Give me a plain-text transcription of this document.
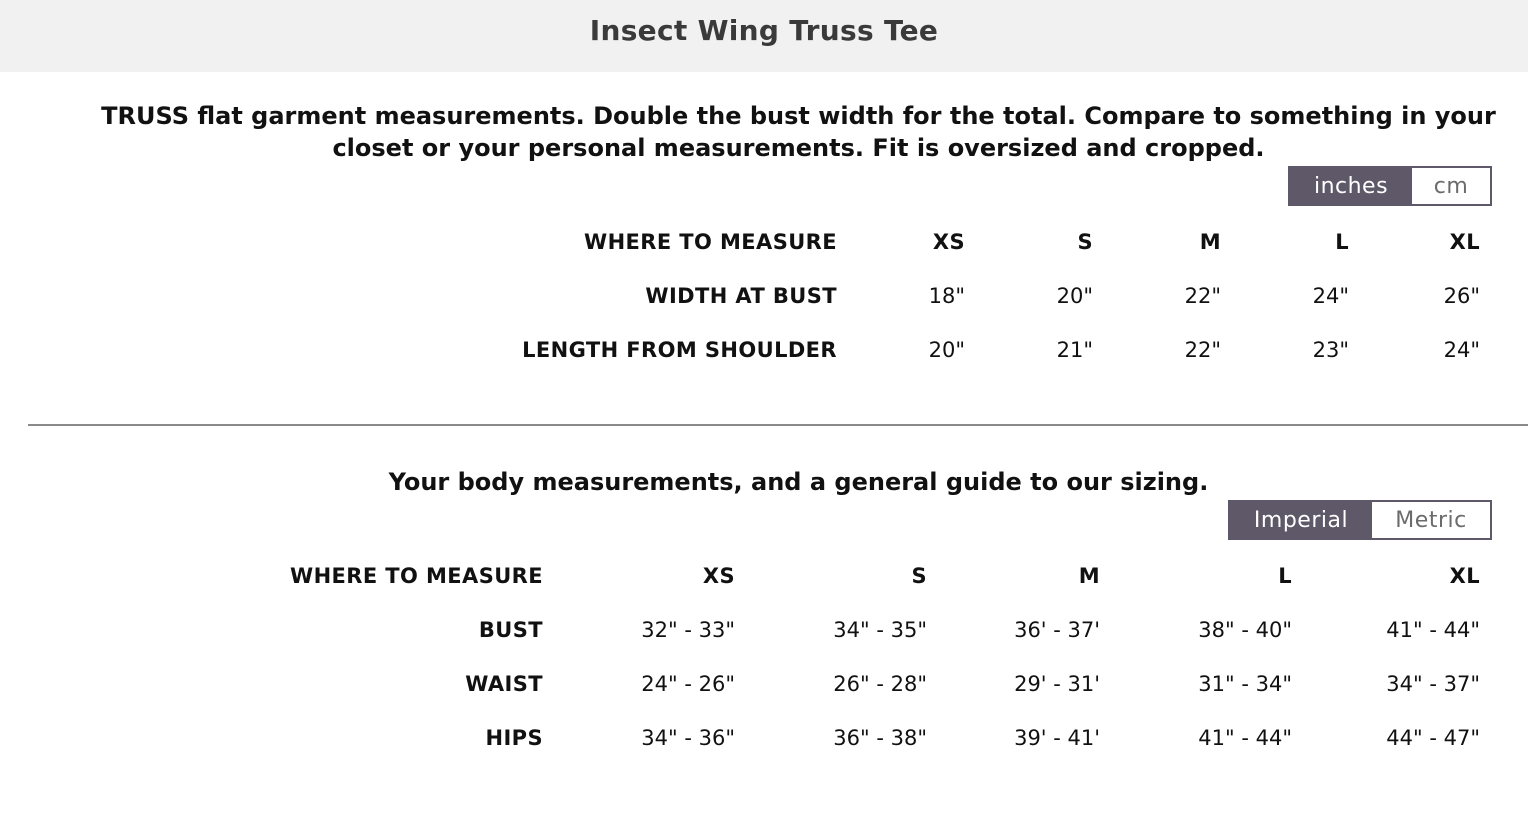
Insect Wing Truss Tee
TRUSS flat garment measurements. Double the bust width for the total. Compare to something in your closet or your personal measurements. Fit is oversized and cropped.
inches	cm
WHERE TO MEASURE	XS	S	M	L	XL
WIDTH AT BUST	18"	20"	22"	24"	26"
LENGTH FROM SHOULDER	20"	21"	22"	23"	24"
Your body measurements, and a general guide to our sizing.
Imperial	Metric
WHERE TO MEASURE	XS	S	M	L	XL
BUST	32" - 33"	34" - 35"	36' - 37'	38" - 40"	41" - 44"
WAIST	24" - 26"	26" - 28"	29' - 31'	31" - 34"	34" - 37"
HIPS	34" - 36"	36" - 38"	39' - 41'	41" - 44"	44" - 47"
